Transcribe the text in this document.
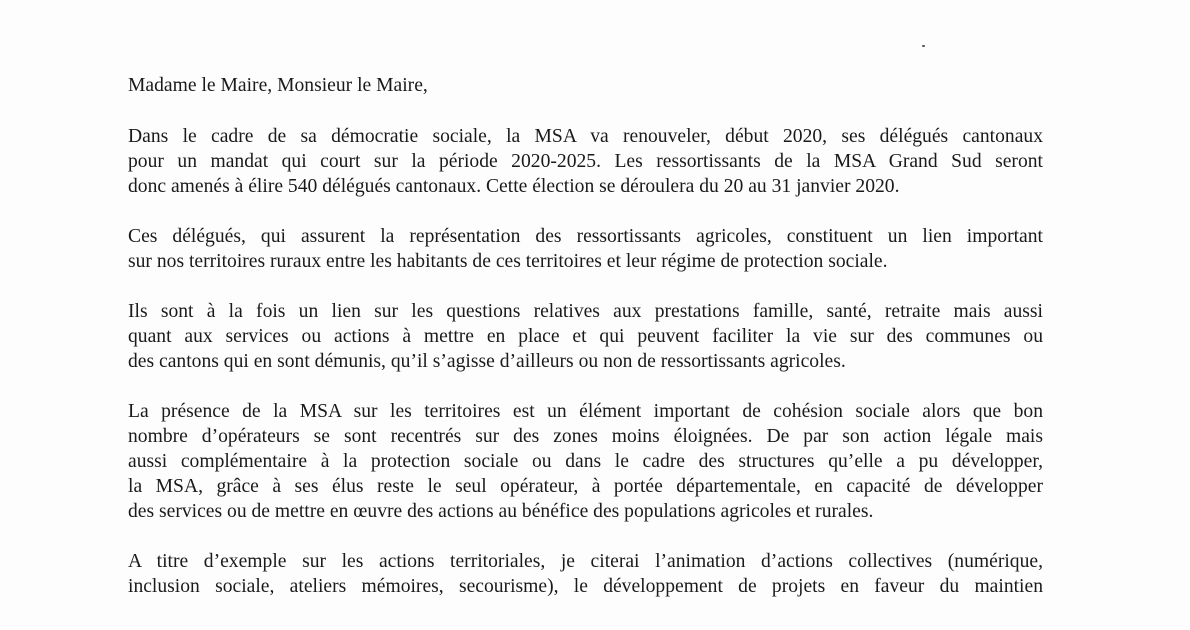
Madame le Maire, Monsieur le Maire,

Dans le cadre de sa démocratie sociale, la MSA va renouveler, début 2020, ses délégués cantonaux
pour un mandat qui court sur la période 2020-2025. Les ressortissants de la MSA Grand Sud seront
donc amenés à élire 540 délégués cantonaux. Cette élection se déroulera du 20 au 31 janvier 2020.

Ces délégués, qui assurent la représentation des ressortissants agricoles, constituent un lien important
sur nos territoires ruraux entre les habitants de ces territoires et leur régime de protection sociale.

Ils sont à la fois un lien sur les questions relatives aux prestations famille, santé, retraite mais aussi
quant aux services ou actions à mettre en place et qui peuvent faciliter la vie sur des communes ou
des cantons qui en sont démunis, qu’il s’agisse d’ailleurs ou non de ressortissants agricoles.

La présence de la MSA sur les territoires est un élément important de cohésion sociale alors que bon
nombre d’opérateurs se sont recentrés sur des zones moins éloignées. De par son action légale mais
aussi complémentaire à la protection sociale ou dans le cadre des structures qu’elle a pu développer,
la MSA, grâce à ses élus reste le seul opérateur, à portée départementale, en capacité de développer
des services ou de mettre en œuvre des actions au bénéfice des populations agricoles et rurales.

A titre d’exemple sur les actions territoriales, je citerai l’animation d’actions collectives (numérique,
inclusion sociale, ateliers mémoires, secourisme), le développement de projets en faveur du maintien
